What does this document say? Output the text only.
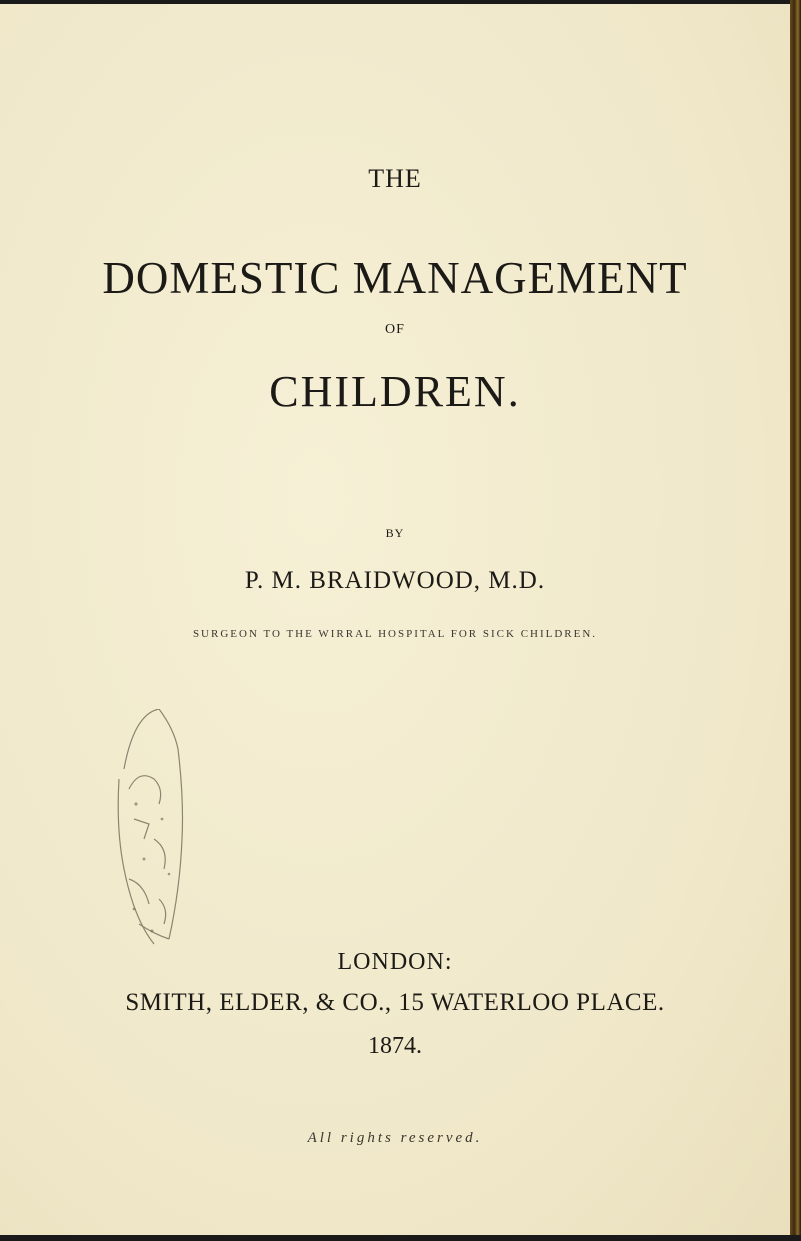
THE
DOMESTIC MANAGEMENT
OF
CHILDREN.
BY
P. M. BRAIDWOOD, M.D.
SURGEON TO THE WIRRAL HOSPITAL FOR SICK CHILDREN.
LONDON:
SMITH, ELDER, & CO., 15 WATERLOO PLACE.
1874.
All rights reserved.
